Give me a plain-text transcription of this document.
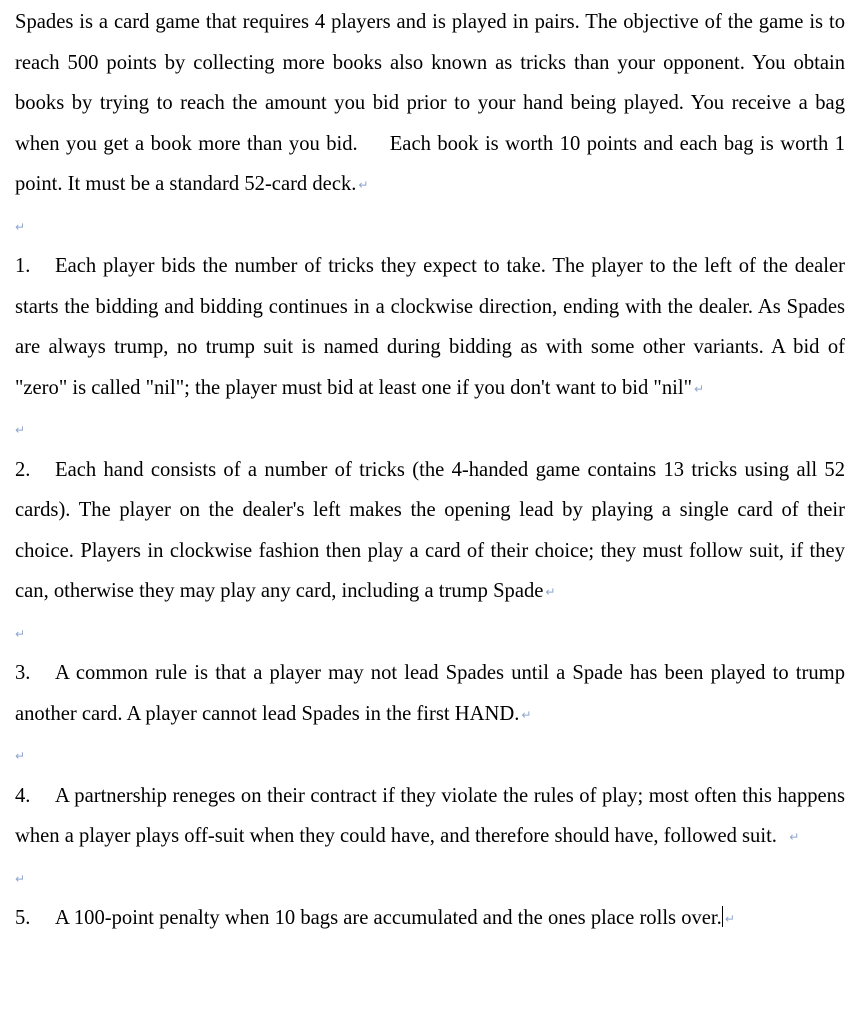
Spades is a card game that requires 4 players and is played in pairs. The objective of the game is to reach 500 points by collecting more books also known as tricks than your opponent. You obtain books by trying to reach the amount you bid prior to your hand being played. You receive a bag when you get a book more than you bid. Each book is worth 10 points and each bag is worth 1 point. It must be a standard 52-card deck. ↵

↵

1. Each player bids the number of tricks they expect to take. The player to the left of the dealer starts the bidding and bidding continues in a clockwise direction, ending with the dealer. As Spades are always trump, no trump suit is named during bidding as with some other variants. A bid of "zero" is called "nil"; the player must bid at least one if you don't want to bid "nil" ↵

↵

2. Each hand consists of a number of tricks (the 4-handed game contains 13 tricks using all 52 cards). The player on the dealer's left makes the opening lead by playing a single card of their choice. Players in clockwise fashion then play a card of their choice; they must follow suit, if they can, otherwise they may play any card, including a trump Spade ↵

↵

3. A common rule is that a player may not lead Spades until a Spade has been played to trump another card. A player cannot lead Spades in the first HAND. ↵

↵

4. A partnership reneges on their contract if they violate the rules of play; most often this happens when a player plays off-suit when they could have, and therefore should have, followed suit. ↵

↵

5. A 100-point penalty when 10 bags are accumulated and the ones place rolls over. ↵
